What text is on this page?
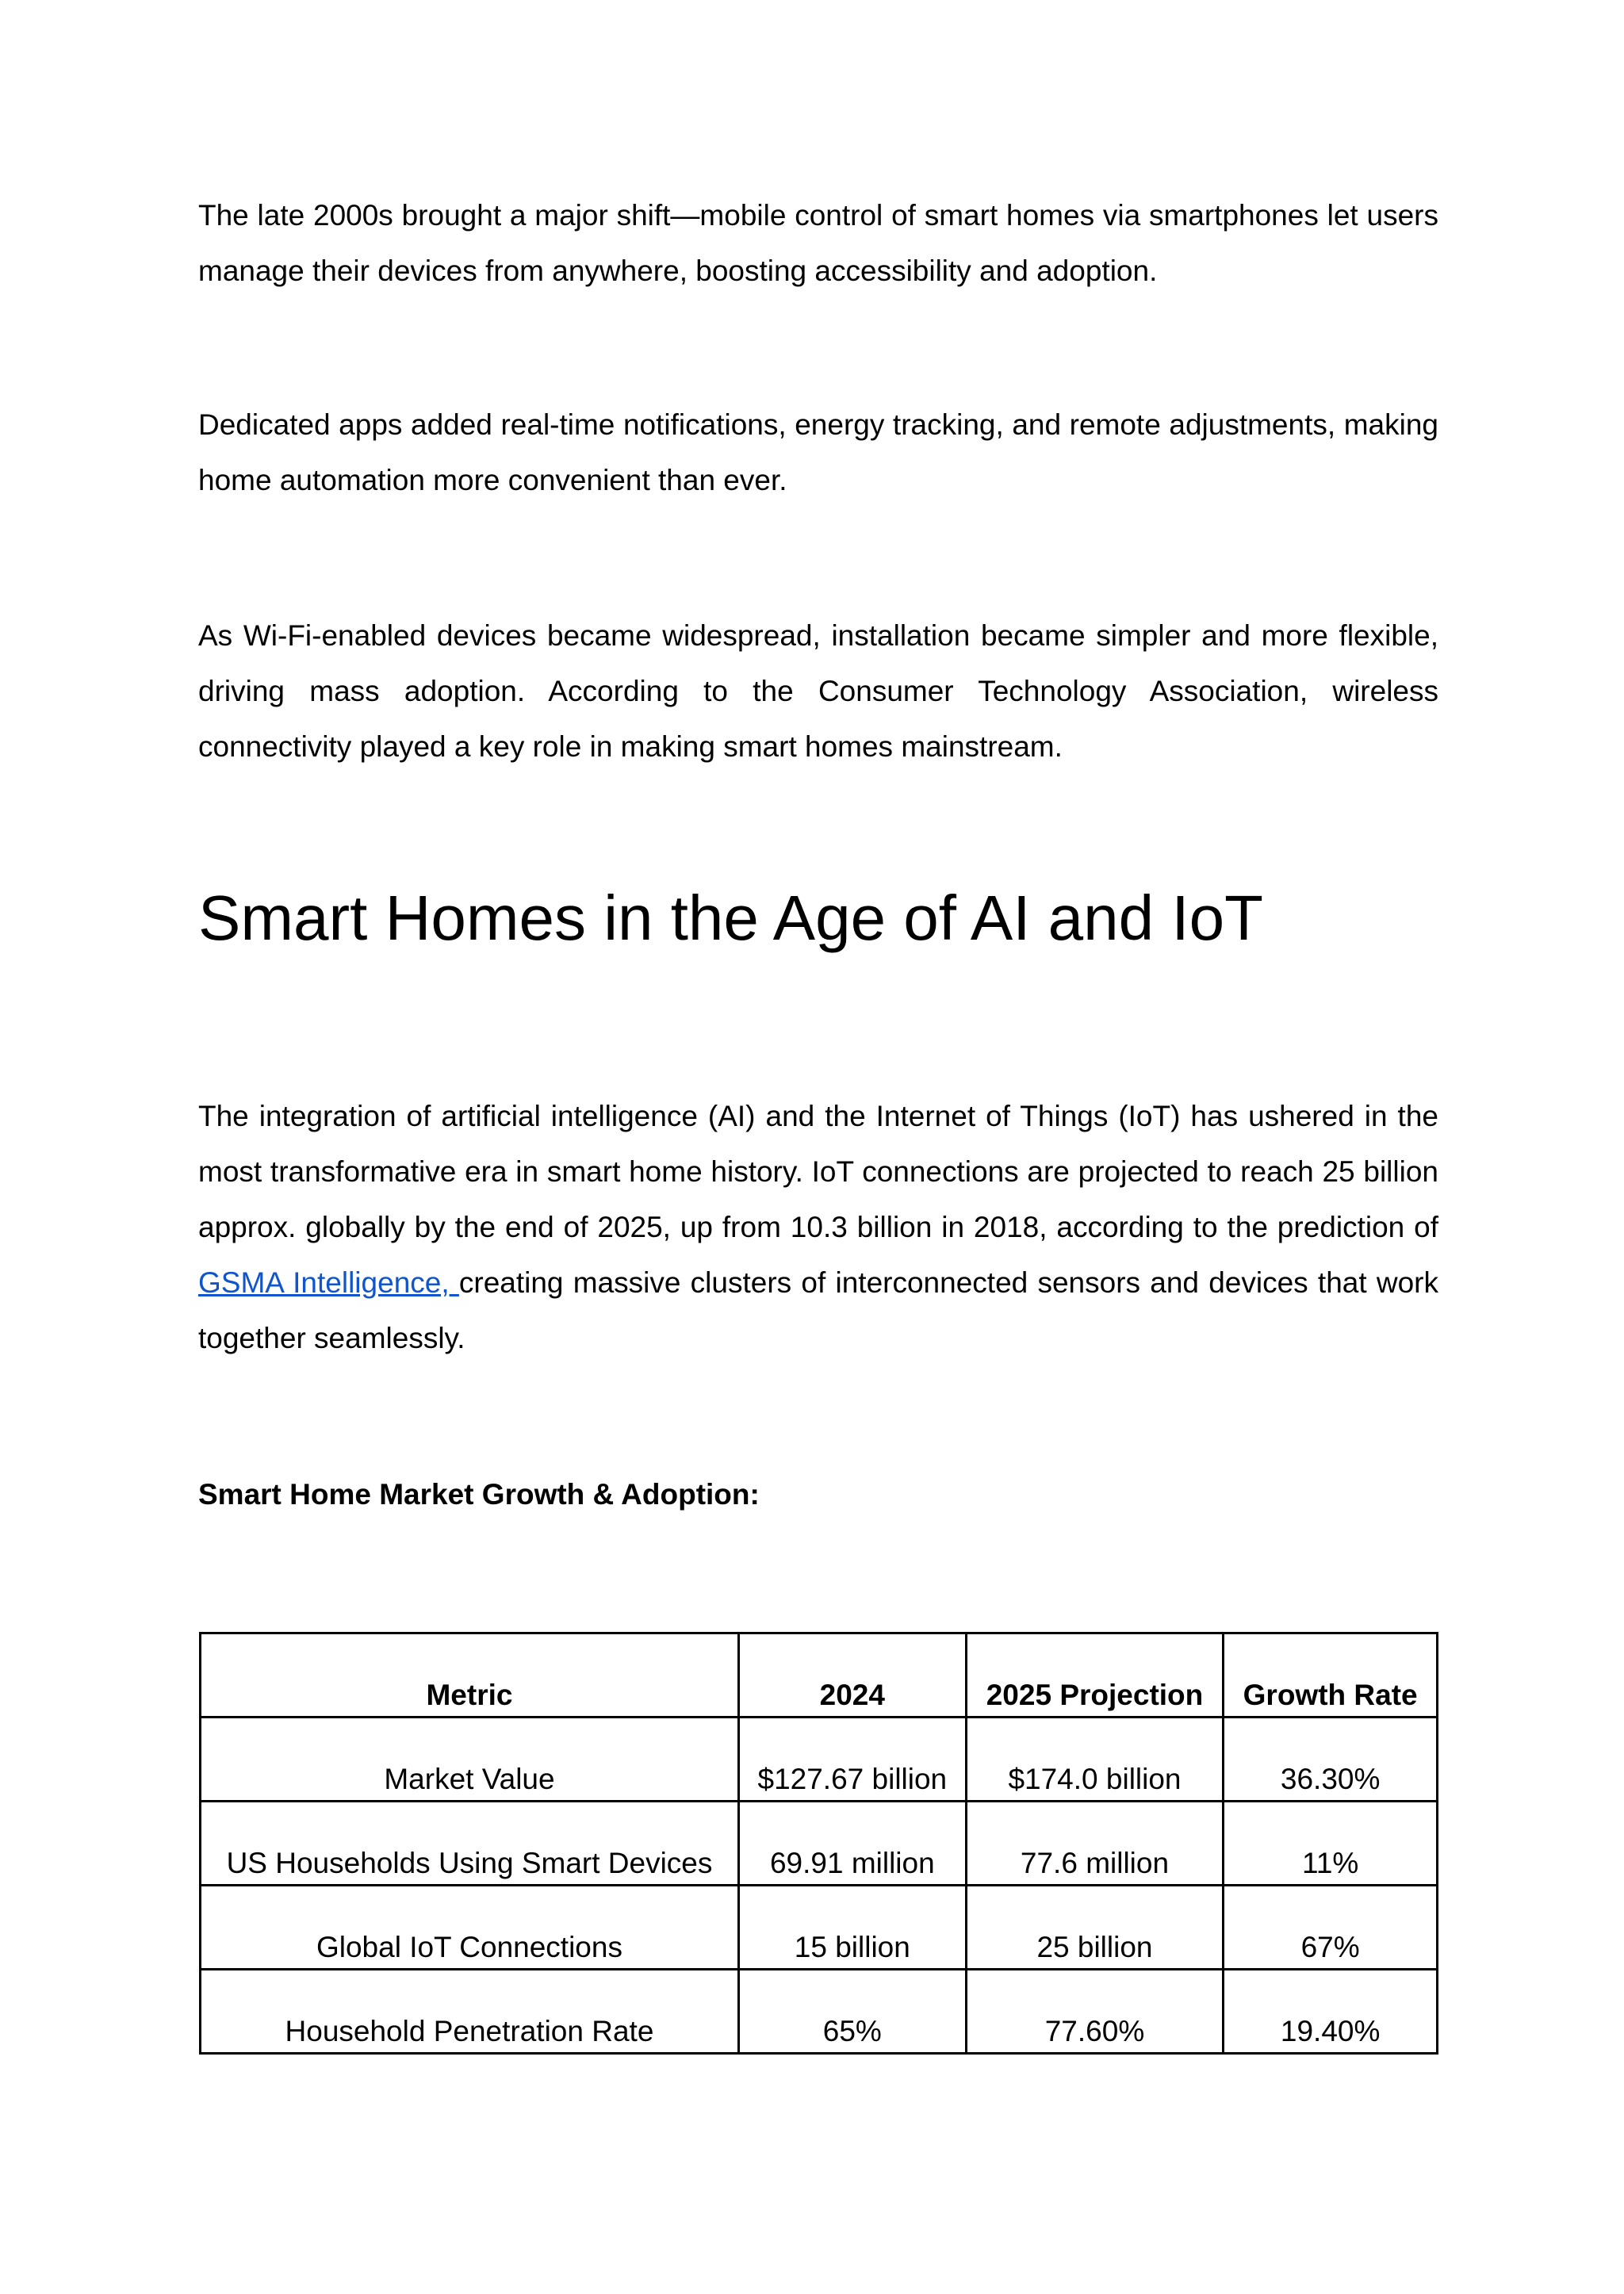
The late 2000s brought a major shift—mobile control of smart homes via smartphones let users manage their devices from anywhere, boosting accessibility and adoption.

Dedicated apps added real-time notifications, energy tracking, and remote adjustments, making home automation more convenient than ever.

As Wi-Fi-enabled devices became widespread, installation became simpler and more flexible, driving mass adoption. According to the Consumer Technology Association, wireless connectivity played a key role in making smart homes mainstream.

Smart Homes in the Age of AI and IoT

The integration of artificial intelligence (AI) and the Internet of Things (IoT) has ushered in the most transformative era in smart home history. IoT connections are projected to reach 25 billion approx. globally by the end of 2025, up from 10.3 billion in 2018, according to the prediction of GSMA Intelligence, creating massive clusters of interconnected sensors and devices that work together seamlessly.

Smart Home Market Growth & Adoption:
Metric	2024	2025 Projection	Growth Rate
Market Value	$127.67 billion	$174.0 billion	36.30%
US Households Using Smart Devices	69.91 million	77.6 million	11%
Global IoT Connections	15 billion	25 billion	67%
Household Penetration Rate	65%	77.60%	19.40%
